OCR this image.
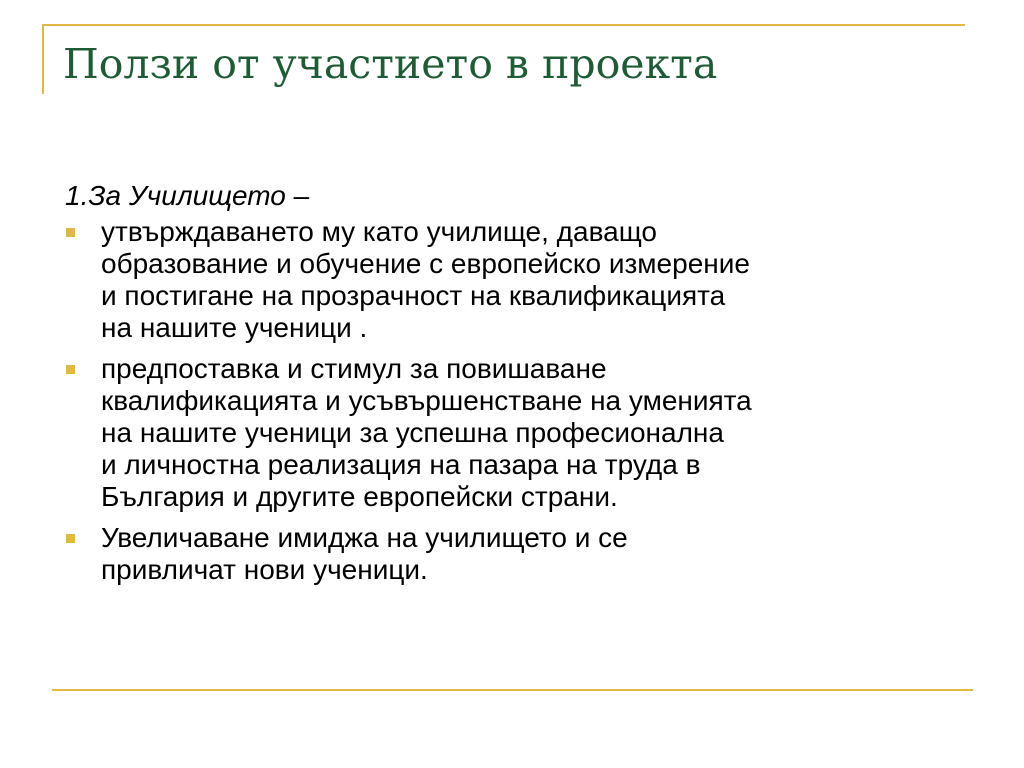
Ползи от участието в проекта

1.За Училището –

утвърждаването му като училище, даващо
образование и обучение с европейско измерение
и постигане на прозрачност на квалификацията
на нашите ученици .
предпоставка и стимул за повишаване
квалификацията и усъвършенстване на уменията
на нашите ученици за успешна професионална
и личностна реализация на пазара на труда в
България и другите европейски страни.
Увеличаване имиджа на училището и се
привличат нови ученици.
